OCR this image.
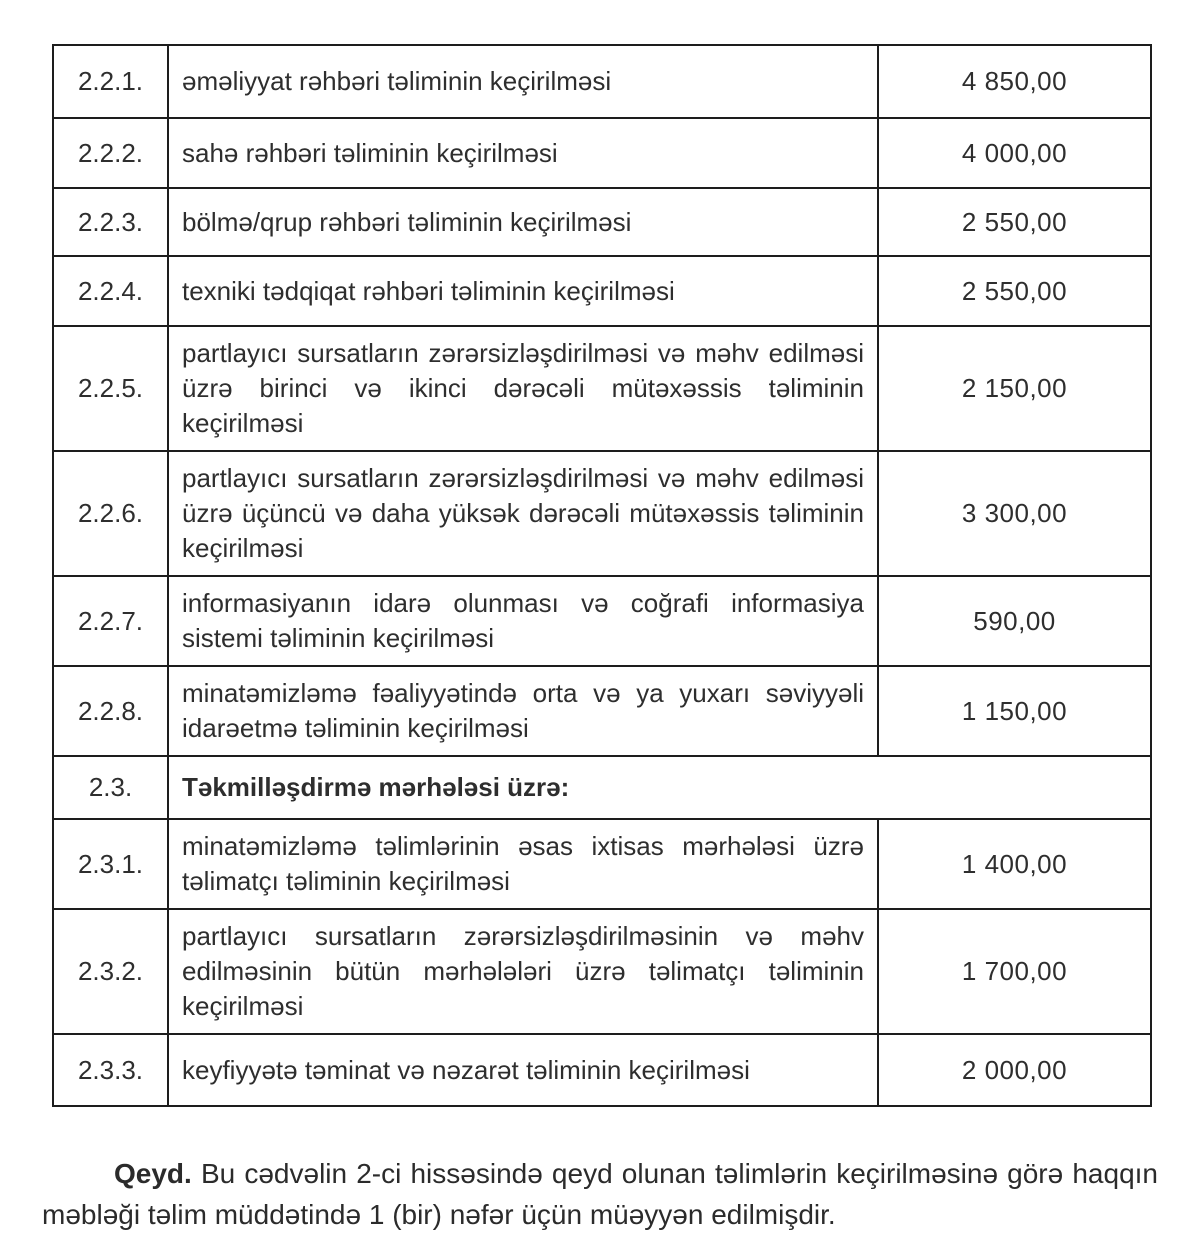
2.2.1.	əməliyyat rəhbəri təliminin keçirilməsi	4 850,00
2.2.2.	sahə rəhbəri təliminin keçirilməsi	4 000,00
2.2.3.	bölmə/qrup rəhbəri təliminin keçirilməsi	2 550,00
2.2.4.	texniki tədqiqat rəhbəri təliminin keçirilməsi	2 550,00
2.2.5.	partlayıcı sursatların zərərsizləşdirilməsi və məhv edilməsi üzrə birinci və ikinci dərəcəli mütəxəssis təliminin keçirilməsi	2 150,00
2.2.6.	partlayıcı sursatların zərərsizləşdirilməsi və məhv edilməsi üzrə üçüncü və daha yüksək dərəcəli mütəxəssis təliminin keçirilməsi	3 300,00
2.2.7.	informasiyanın idarə olunması və coğrafi informasiya sistemi təliminin keçirilməsi	590,00
2.2.8.	minatəmizləmə fəaliyyətində orta və ya yuxarı səviyyəli idarəetmə təliminin keçirilməsi	1 150,00
2.3.	Təkmilləşdirmə mərhələsi üzrə:	
2.3.1.	minatəmizləmə təlimlərinin əsas ixtisas mərhələsi üzrə təlimatçı təliminin keçirilməsi	1 400,00
2.3.2.	partlayıcı sursatların zərərsizləşdirilməsinin və məhv edilməsinin bütün mərhələləri üzrə təlimatçı təliminin keçirilməsi	1 700,00
2.3.3.	keyfiyyətə təminat və nəzarət təliminin keçirilməsi	2 000,00

Qeyd. Bu cədvəlin 2-ci hissəsində qeyd olunan təlimlərin keçirilməsinə görə haqqın məbləği təlim müddətində 1 (bir) nəfər üçün müəyyən edilmişdir.
